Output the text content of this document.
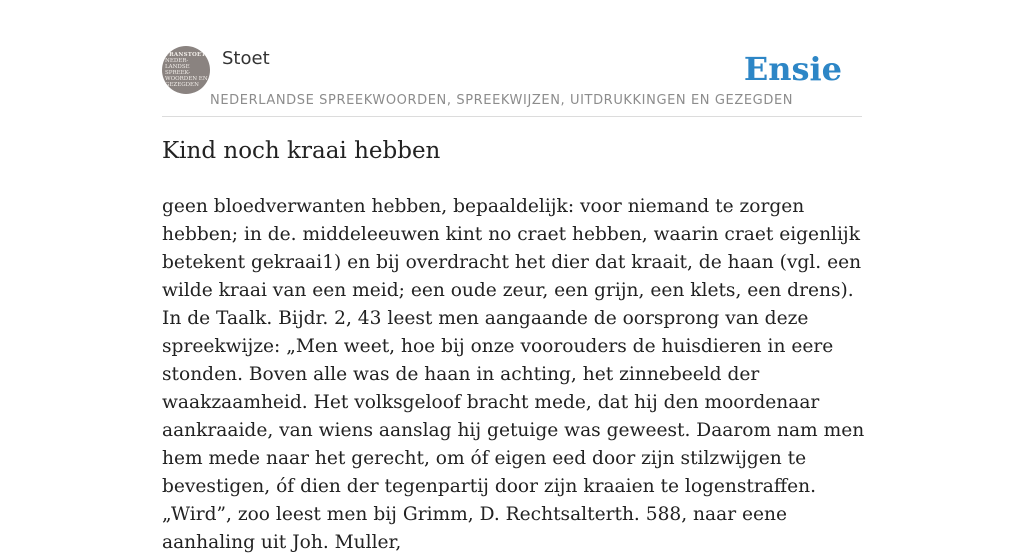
FRANSTOET
NEDER-
LANDSE
SPREEK-
WOORDEN EN
GEZEGDEN
Stoet
NEDERLANDSE SPREEKWOORDEN, SPREEKWIJZEN, UITDRUKKINGEN EN GEZEGDEN
Ensie
Kind noch kraai hebben

geen bloedverwanten hebben, bepaaldelijk: voor niemand te zorgen hebben; in de. middeleeuwen kint no craet hebben, waarin craet eigenlijk betekent gekraai1) en bij overdracht het dier dat kraait, de haan (vgl. een wilde kraai van een meid; een oude zeur, een grijn, een klets, een drens). In de Taalk. Bijdr. 2, 43 leest men aangaande de oorsprong van deze spreekwijze: „Men weet, hoe bij onze voorouders de huisdieren in eere stonden. Boven alle was de haan in achting, het zinnebeeld der waakzaamheid. Het volksgeloof bracht mede, dat hij den moordenaar aankraaide, van wiens aanslag hij getuige was geweest. Daarom nam men hem mede naar het gerecht, om óf eigen eed door zijn stilzwijgen te bevestigen, óf dien der tegenpartij door zijn kraaien te logenstraffen. „Wird”, zoo leest men bij Grimm, D. Rechtsalterth. 588, naar eene aanhaling uit Joh. Muller,
